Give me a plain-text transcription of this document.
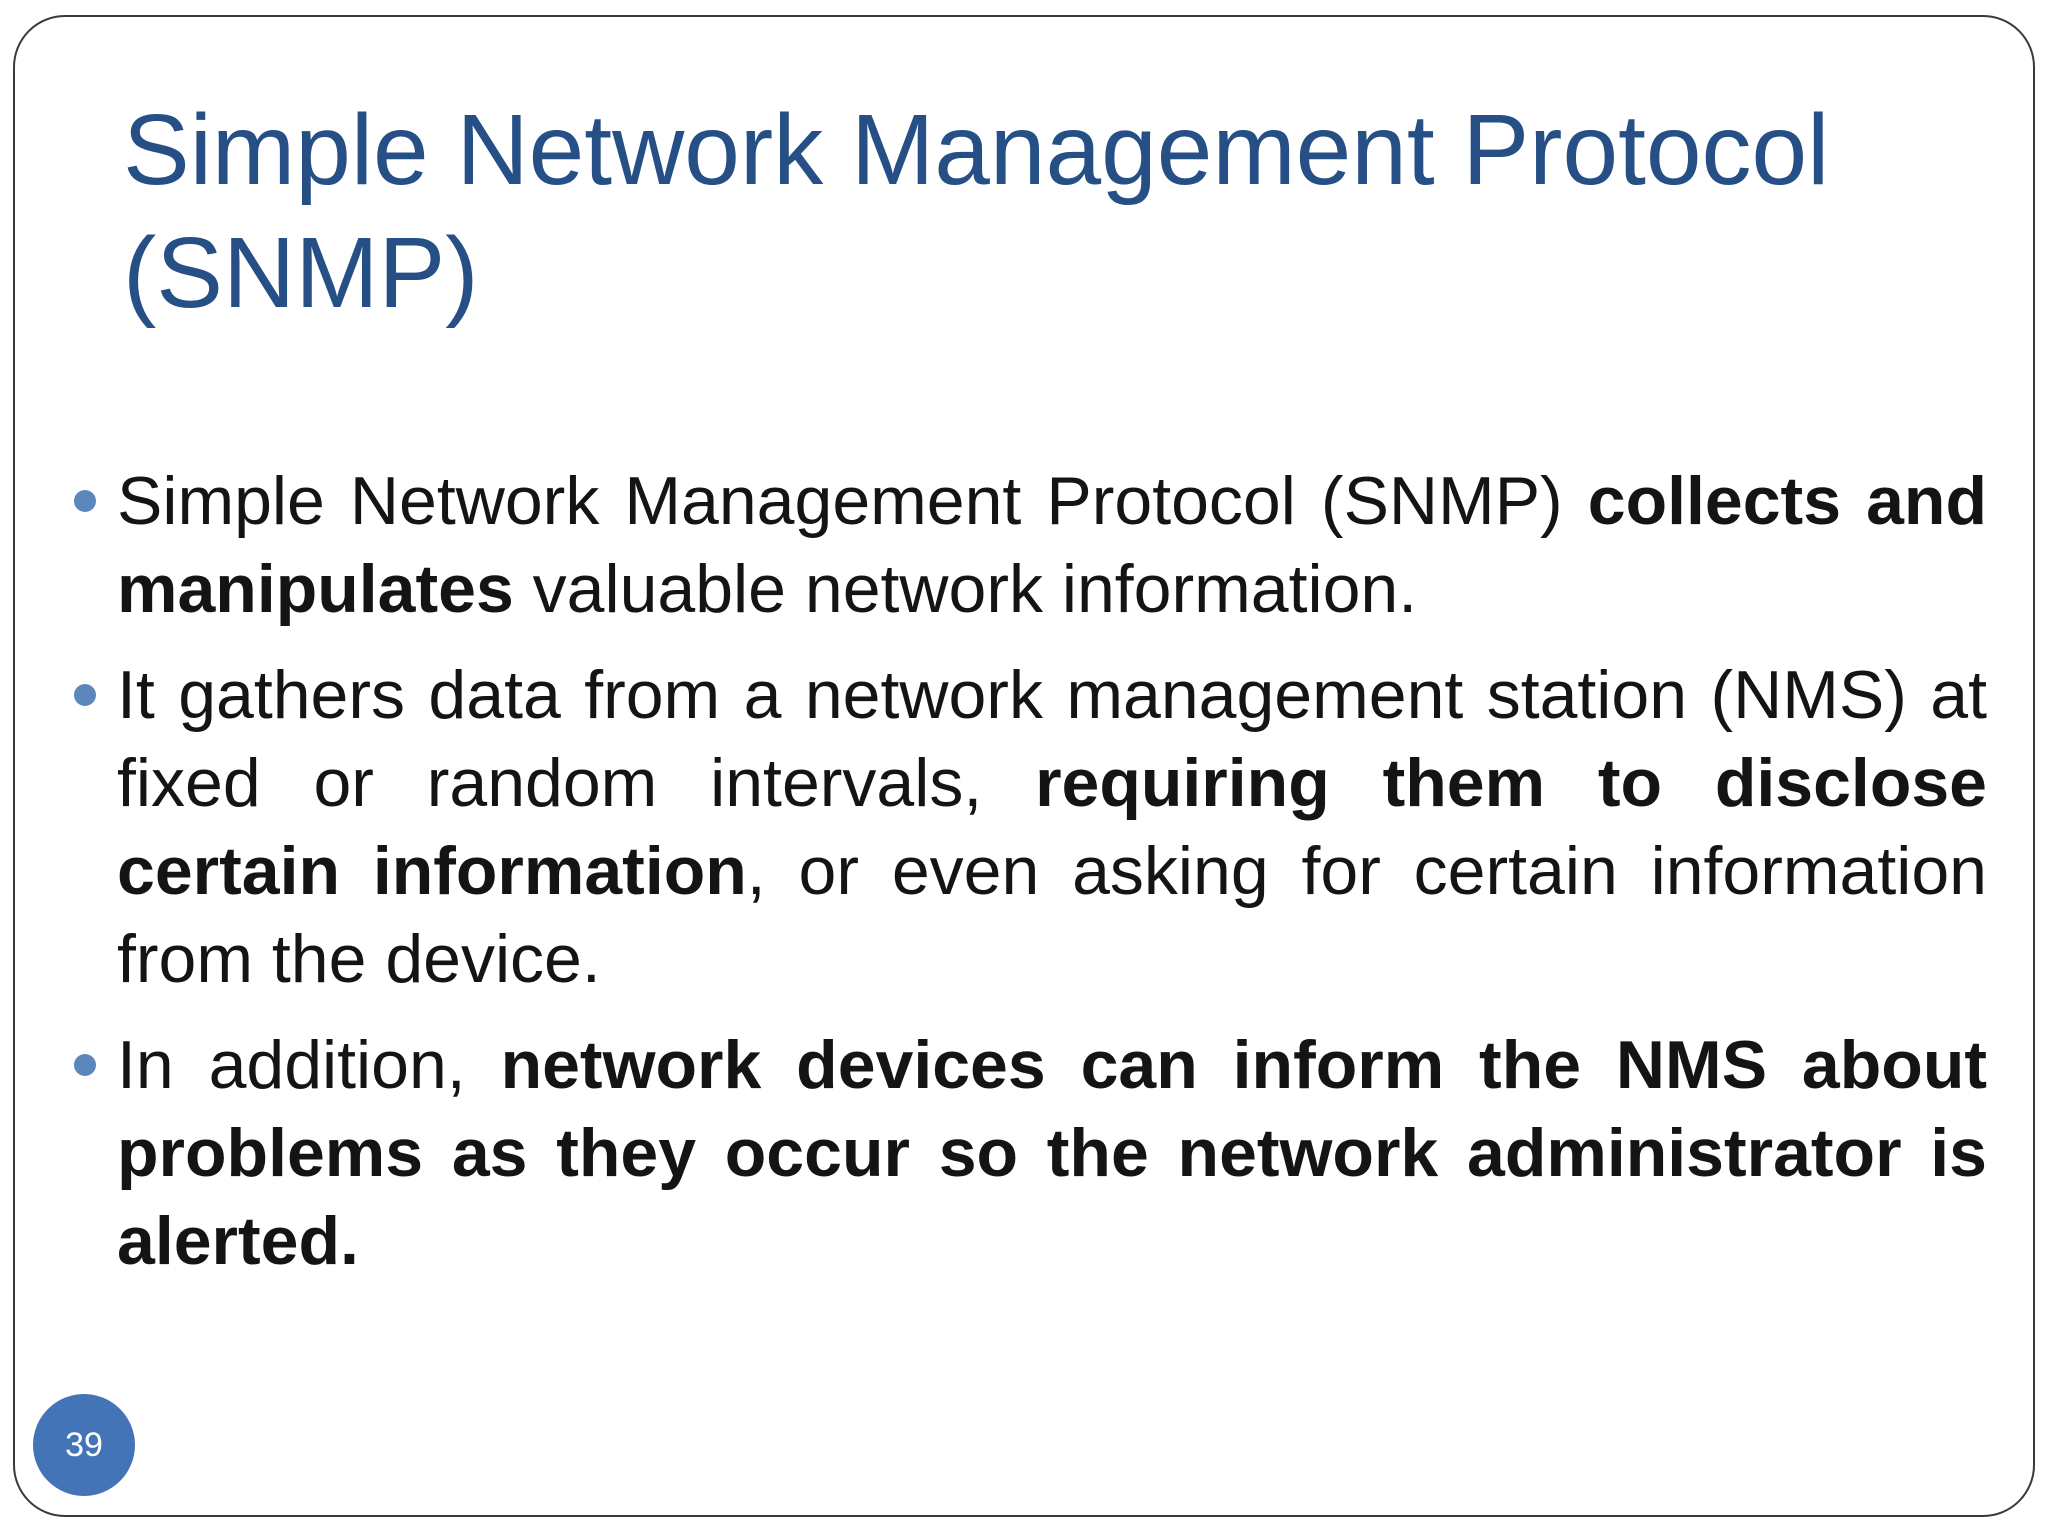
Simple Network Management Protocol (SNMP)
Simple Network Management Protocol (SNMP) collects and manipulates valuable network information.
It gathers data from a network management station (NMS) at fixed or random intervals, requiring them to disclose certain information, or even asking for certain information from the device.
In addition, network devices can inform the NMS about problems as they occur so the network administrator is alerted.
39
